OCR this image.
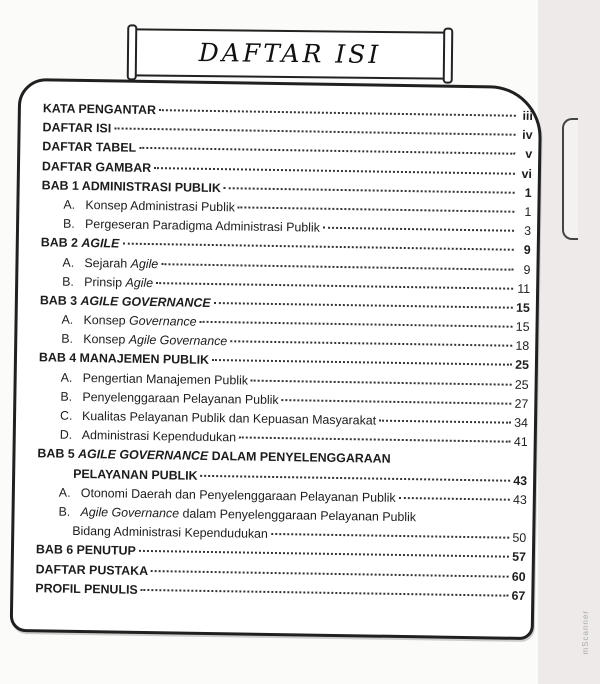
mScanner
DAFTAR ISI
KATA PENGANTAR	iii
DAFTAR ISI	iv
DAFTAR TABEL	v
DAFTAR GAMBAR	vi
BAB 1 ADMINISTRASI PUBLIK	1
A. Konsep Administrasi Publik	1
B. Pergeseran Paradigma Administrasi Publik	3
BAB 2 AGILE	9
A. Sejarah Agile	9
B. Prinsip Agile	11
BAB 3 AGILE GOVERNANCE	15
A. Konsep Governance	15
B. Konsep Agile Governance	18
BAB 4 MANAJEMEN PUBLIK	25
A. Pengertian Manajemen Publik	25
B. Penyelenggaraan Pelayanan Publik	27
C. Kualitas Pelayanan Publik dan Kepuasan Masyarakat	34
D. Administrasi Kependudukan	41
BAB 5 AGILE GOVERNANCE DALAM PENYELENGGARAAN
PELAYANAN PUBLIK	43
A. Otonomi Daerah dan Penyelenggaraan Pelayanan Publik	43
B. Agile Governance dalam Penyelenggaraan Pelayanan Publik
Bidang Administrasi Kependudukan	50
BAB 6 PENUTUP	57
DAFTAR PUSTAKA	60
PROFIL PENULIS	67
